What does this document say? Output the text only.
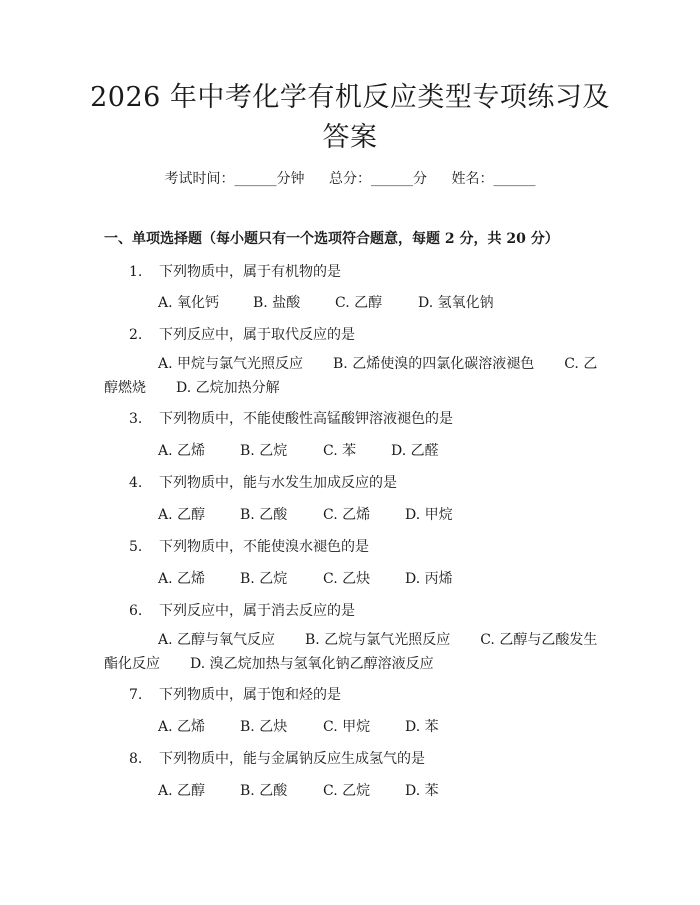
2026 年中考化学有机反应类型专项练习及答案
考试时间：______分钟 总分：______分 姓名：______
一、单项选择题（每小题只有一个选项符合题意，每题 2 分，共 20 分）
1. 下列物质中，属于有机物的是
A. 氧化钙 B. 盐酸 C. 乙醇	D. 氢氧化钠
2. 下列反应中，属于取代反应的是
A. 甲烷与氯气光照反应 B. 乙烯使溴的四氯化碳溶液褪色 C. 乙醇燃烧 D. 乙烷加热分解
3. 下列物质中，不能使酸性高锰酸钾溶液褪色的是
A. 乙烯 B. 乙烷	C. 苯 D. 乙醛
4. 下列物质中，能与水发生加成反应的是
A. 乙醇 B. 乙酸	C. 乙烯 D. 甲烷
5. 下列物质中，不能使溴水褪色的是
A. 乙烯 B. 乙烷	C. 乙炔 D. 丙烯
6. 下列反应中，属于消去反应的是
A. 乙醇与氧气反应 B. 乙烷与氯气光照反应 C. 乙醇与乙酸发生酯化反应 D. 溴乙烷加热与氢氧化钠乙醇溶液反应
7. 下列物质中，属于饱和烃的是
A. 乙烯 B. 乙炔	C. 甲烷 D. 苯
8. 下列物质中，能与金属钠反应生成氢气的是
A. 乙醇 B. 乙酸	C. 乙烷 D. 苯
